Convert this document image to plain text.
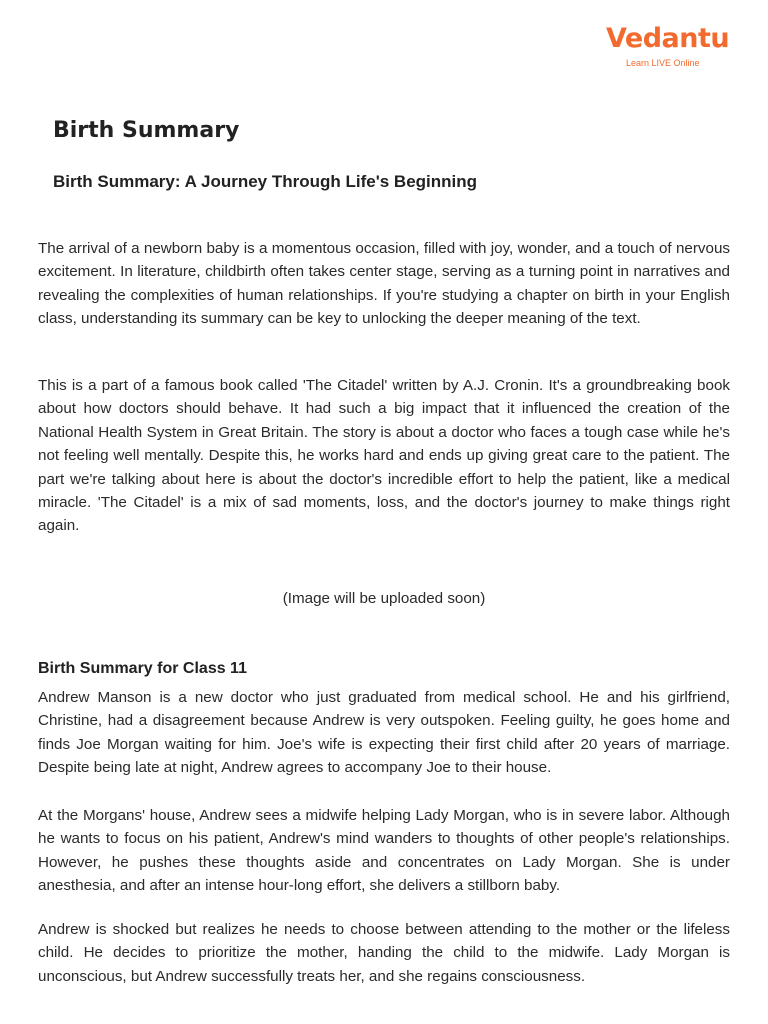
Vedantu
Learn LIVE Online
Birth Summary
Birth Summary: A Journey Through Life's Beginning

The arrival of a newborn baby is a momentous occasion, filled with joy, wonder, and a touch of nervous excitement. In literature, childbirth often takes center stage, serving as a turning point in narratives and revealing the complexities of human relationships. If you're studying a chapter on birth in your English class, understanding its summary can be key to unlocking the deeper meaning of the text.

This is a part of a famous book called 'The Citadel' written by A.J. Cronin. It's a groundbreaking book about how doctors should behave. It had such a big impact that it influenced the creation of the National Health System in Great Britain. The story is about a doctor who faces a tough case while he's not feeling well mentally. Despite this, he works hard and ends up giving great care to the patient. The part we're talking about here is about the doctor's incredible effort to help the patient, like a medical miracle. 'The Citadel' is a mix of sad moments, loss, and the doctor's journey to make things right again.

(Image will be uploaded soon)

Birth Summary for Class 11

Andrew Manson is a new doctor who just graduated from medical school. He and his girlfriend, Christine, had a disagreement because Andrew is very outspoken. Feeling guilty, he goes home and finds Joe Morgan waiting for him. Joe's wife is expecting their first child after 20 years of marriage. Despite being late at night, Andrew agrees to accompany Joe to their house.

At the Morgans' house, Andrew sees a midwife helping Lady Morgan, who is in severe labor. Although he wants to focus on his patient, Andrew's mind wanders to thoughts of other people's relationships. However, he pushes these thoughts aside and concentrates on Lady Morgan. She is under anesthesia, and after an intense hour-long effort, she delivers a stillborn baby.

Andrew is shocked but realizes he needs to choose between attending to the mother or the lifeless child. He decides to prioritize the mother, handing the child to the midwife. Lady Morgan is unconscious, but Andrew successfully treats her, and she regains consciousness.
